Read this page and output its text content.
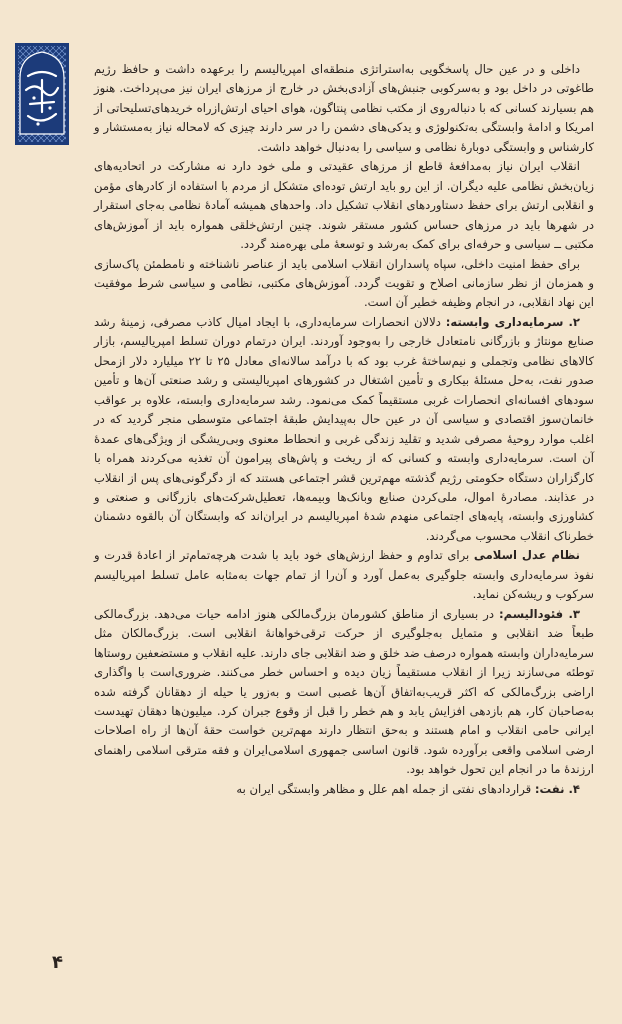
داخلی و در عین حال پاسخگویی به‌استراتژی منطقه‌ای امپریالیسم را برعهده داشت و حافظ رژیم طاغوتی در داخل بود و به‌سرکوبی جنبش‌های آزادی‌بخش در خارج از مرزهای ایران نیز می‌پرداخت. هنوز هم بسیارند کسانی که با دنباله‌روی از مکتب نظامی پنتاگون، هوای احیای ارتش‌ازراه خریدهای‌تسلیحاتی از امریکا و ادامهٔ وابستگی به‌تکنولوژی و یدکی‌های دشمن را در سر دارند چیزی که لامحاله نیاز به‌مستشار و کارشناس و وابستگی دوبارهٔ نظامی و سیاسی را به‌دنبال خواهد داشت.

انقلاب ایران نیاز به‌مدافعهٔ قاطع از مرزهای عقیدتی و ملی خود دارد نه مشارکت در اتحادیه‌های زیان‌بخش نظامی علیه دیگران. از این رو باید ارتش توده‌ای متشکل از مردم با استفاده از کادرهای مؤمن و انقلابی ارتش برای حفظ دستاوردهای انقلاب تشکیل داد. واحدهای همیشه آمادهٔ نظامی به‌جای استقرار در شهرها باید در مرزهای حساس کشور مستقر شوند. چنین ارتش‌خلقی همواره باید از آموزش‌های مکتبی ــ سیاسی و حرفه‌ای برای کمک به‌رشد و توسعهٔ ملی بهره‌مند گردد.

برای حفظ امنیت داخلی، سپاه پاسداران انقلاب اسلامی باید از عناصر ناشناخته و نامطمئن پاک‌سازی و همزمان از نظر سازمانی اصلاح و تقویت گردد. آموزش‌های مکتبی، نظامی و سیاسی شرط موفقیت این نهاد انقلابی، در انجام وظیفه خطیر آن است.

۲. سرمایه‌داری وابسته: دلالان انحصارات سرمایه‌داری، با ایجاد امیال کاذب مصرفی، زمینهٔ رشد صنایع مونتاژ و بازرگانی نامتعادل خارجی را به‌وجود آوردند. ایران درتمام دوران تسلط امپریالیسم، بازار کالاهای نظامی وتجملی و نیم‌ساختهٔ غرب بود که با درآمد سالانه‌ای معادل ۲۵ تا ۲۲ میلیارد دلار ازمحل صدور نفت، به‌حل مسئلهٔ بیکاری و تأمین اشتغال در کشورهای امپریالیستی و رشد صنعتی آن‌ها و تأمین سودهای افسانه‌ای انحصارات غربی مستقیماً کمک می‌نمود. رشد سرمایه‌داری وابسته، علاوه بر عواقب خانمان‌سوز اقتصادی و سیاسی آن در عین حال به‌پیدایش طبقهٔ اجتماعی متوسطی منجر گردید که در اغلب موارد روحیهٔ مصرفی شدید و تقلید زندگی غربی و انحطاط معنوی وبی‌ریشگی از ویژگی‌های عمدهٔ آن است. سرمایه‌داری وابسته و کسانی که از ریخت و پاش‌های پیرامون آن تغذیه می‌کردند همراه با کارگزاران دستگاه حکومتی رژیم گذشته مهم‌ترین قشر اجتماعی هستند که از دگرگونی‌های پس از انقلاب در عذابند. مصادرهٔ اموال، ملی‌کردن صنایع وبانک‌ها وبیمه‌ها، تعطیل‌شرکت‌های بازرگانی و صنعتی و کشاورزی وابسته، پایه‌های اجتماعی منهدم شدهٔ امپریالیسم در ایران‌اند که وابستگان آن بالقوه دشمنان خطرناک انقلاب محسوب می‌گردند.

نظام عدل اسلامی برای تداوم و حفظ ارزش‌های خود باید با شدت هرچه‌تمام‌تر از اعادهٔ قدرت و نفوذ سرمایه‌داری وابسته جلوگیری به‌عمل آورد و آن‌را از تمام جهات به‌مثابه عامل تسلط امپریالیسم سرکوب و ریشه‌کن نماید.

۳. فئودالیسم: در بسیاری از مناطق کشورمان بزرگ‌مالکی هنوز ادامه حیات می‌دهد. بزرگ‌مالکی طبعاً ضد انقلابی و متمایل به‌جلوگیری از حرکت ترقی‌خواهانهٔ انقلابی است. بزرگ‌مالکان مثل سرمایه‌داران وابسته همواره درصف ضد خلق و ضد انقلابی جای دارند. علیه انقلاب و مستضعفین روستاها توطئه می‌سازند زیرا از انقلاب مستقیماً زیان دیده و احساس خطر می‌کنند. ضروری‌است با واگذاری اراضی بزرگ‌مالکی که اکثر قریب‌به‌اتفاق آن‌ها غصبی است و به‌زور یا حیله از دهقانان گرفته شده به‌صاحبان کار، هم بازدهی افزایش یابد و هم خطر را قبل از وقوع جبران کرد. میلیون‌ها دهقان تهیدست ایرانی حامی انقلاب و امام هستند و به‌حق انتظار دارند مهم‌ترین خواست حقهٔ آن‌ها از راه اصلاحات ارضی اسلامی واقعی برآورده شود. قانون اساسی جمهوری اسلامی‌ایران و فقه مترقی اسلامی راهنمای ارزندهٔ ما در انجام این تحول خواهد بود.

۴. نفت: قراردادهای نفتی از جمله اهم علل و مظاهر وابستگی ایران به

۴
